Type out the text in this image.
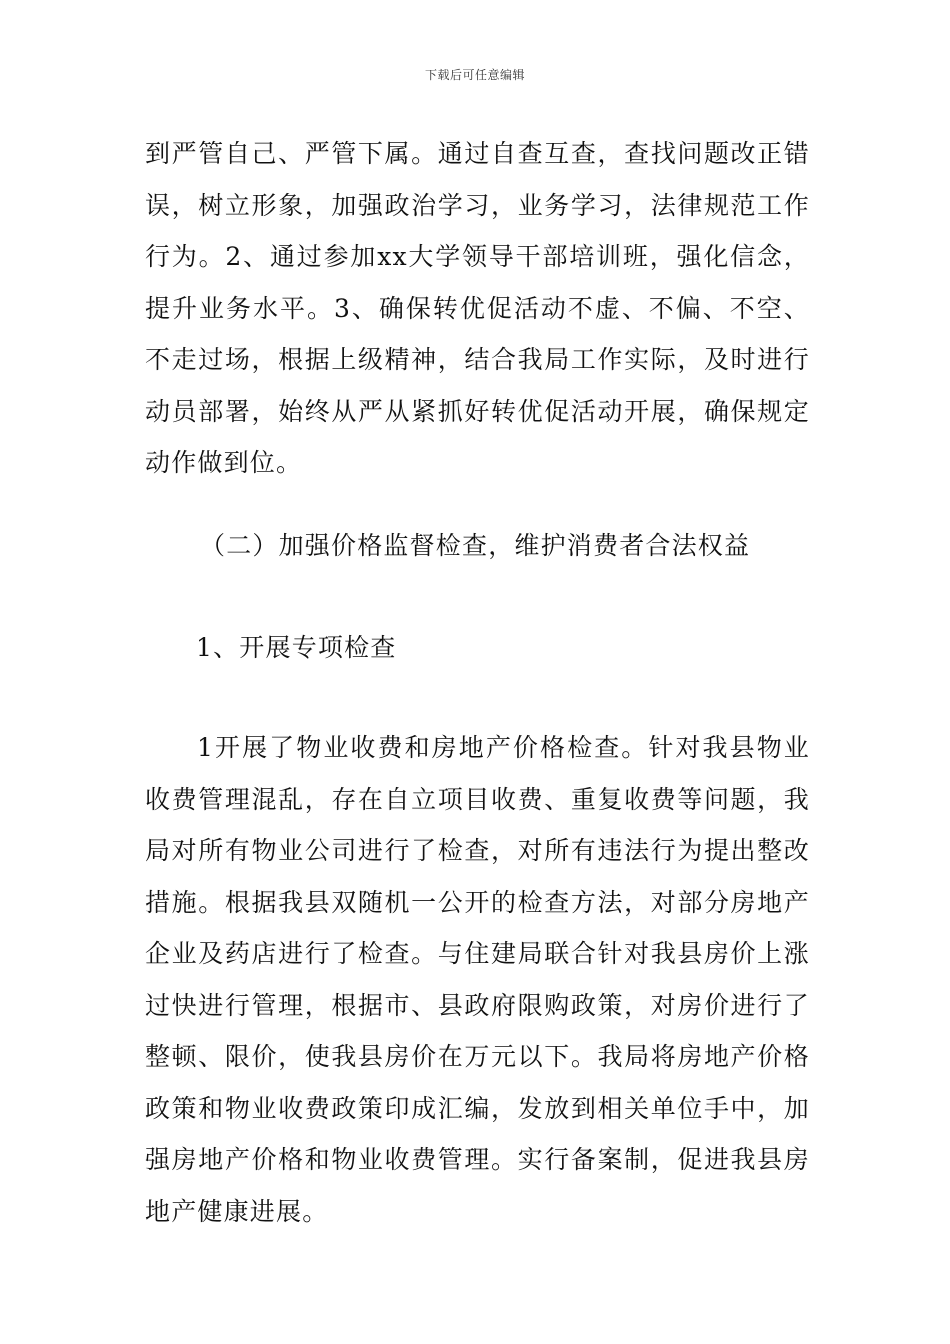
下载后可任意编辑

到严管自己、严管下属。通过自查互查，查找问题改正错误，树立形象，加强政治学习，业务学习，法律规范工作行为。2、通过参加xx大学领导干部培训班，强化信念，提升业务水平。3、确保转优促活动不虚、不偏、不空、不走过场，根据上级精神，结合我局工作实际，及时进行动员部署，始终从严从紧抓好转优促活动开展，确保规定动作做到位。

（二）加强价格监督检查，维护消费者合法权益

1、开展专项检查

1开展了物业收费和房地产价格检查。针对我县物业收费管理混乱，存在自立项目收费、重复收费等问题，我局对所有物业公司进行了检查，对所有违法行为提出整改措施。根据我县双随机一公开的检查方法，对部分房地产企业及药店进行了检查。与住建局联合针对我县房价上涨过快进行管理，根据市、县政府限购政策，对房价进行了整顿、限价，使我县房价在万元以下。我局将房地产价格政策和物业收费政策印成汇编，发放到相关单位手中，加强房地产价格和物业收费管理。实行备案制，促进我县房地产健康进展。
